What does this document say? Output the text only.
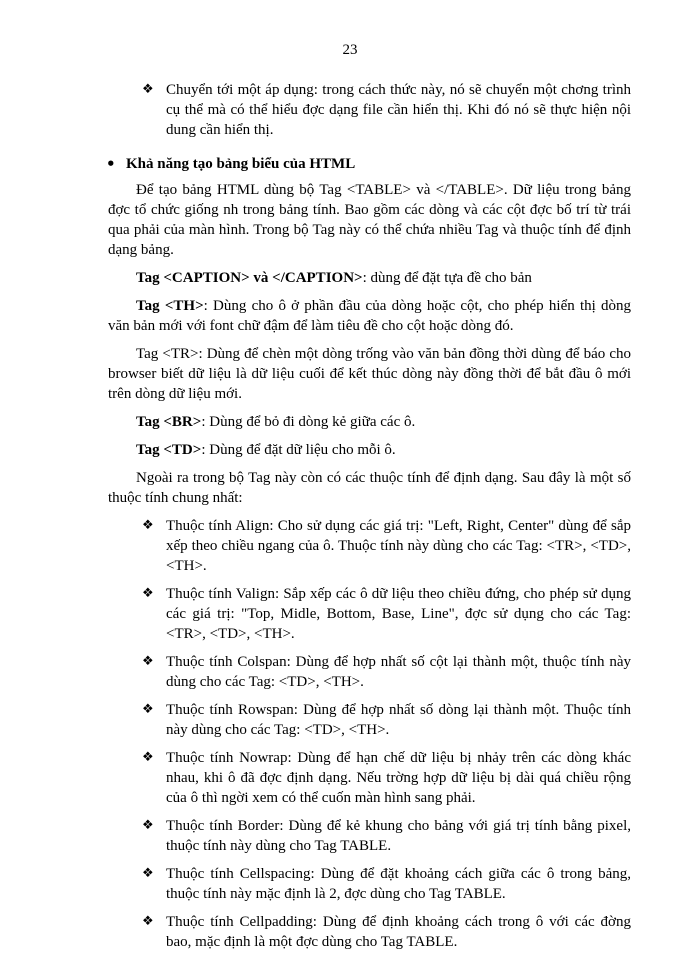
23
❖ Chuyển tới một áp dụng: trong cách thức này, nó sẽ chuyển một chơng trình cụ thể mà có thể hiểu đợc dạng file cần hiển thị. Khi đó nó sẽ thực hiện nội dung cần hiển thị.
• Khả năng tạo bảng biểu của HTML

Để tạo bảng HTML dùng bộ Tag <TABLE> và </TABLE>. Dữ liệu trong bảng đợc tổ chức giống nh trong bảng tính. Bao gồm các dòng và các cột đợc bố trí từ trái qua phải của màn hình. Trong bộ Tag này có thể chứa nhiều Tag và thuộc tính để định dạng bảng.

Tag <CAPTION> và </CAPTION>: dùng để đặt tựa đề cho bản

Tag <TH>: Dùng cho ô ở phần đầu của dòng hoặc cột, cho phép hiển thị dòng văn bản mới với font chữ đậm để làm tiêu đề cho cột hoặc dòng đó.

Tag <TR>: Dùng để chèn một dòng trống vào văn bản đồng thời dùng để báo cho browser biết dữ liệu là dữ liệu cuối để kết thúc dòng này đồng thời để bắt đầu ô mới trên dòng dữ liệu mới.

Tag <BR>: Dùng để bỏ đi dòng kẻ giữa các ô.

Tag <TD>: Dùng để đặt dữ liệu cho mỗi ô.

Ngoài ra trong bộ Tag này còn có các thuộc tính để định dạng. Sau đây là một số thuộc tính chung nhất:

❖ Thuộc tính Align: Cho sử dụng các giá trị: "Left, Right, Center" dùng để sắp xếp theo chiều ngang của ô. Thuộc tính này dùng cho các Tag: <TR>, <TD>, <TH>.
❖ Thuộc tính Valign: Sắp xếp các ô dữ liệu theo chiều đứng, cho phép sử dụng các giá trị: "Top, Midle, Bottom, Base, Line", đợc sử dụng cho các Tag: <TR>, <TD>, <TH>.
❖ Thuộc tính Colspan: Dùng để hợp nhất số cột lại thành một, thuộc tính này dùng cho các Tag: <TD>, <TH>.
❖ Thuộc tính Rowspan: Dùng để hợp nhất số dòng lại thành một. Thuộc tính này dùng cho các Tag: <TD>, <TH>.
❖ Thuộc tính Nowrap: Dùng để hạn chế dữ liệu bị nhảy trên các dòng khác nhau, khi ô đã đợc định dạng. Nếu trờng hợp dữ liệu bị dài quá chiều rộng của ô thì ngời xem có thể cuốn màn hình sang phải.
❖ Thuộc tính Border: Dùng để kẻ khung cho bảng với giá trị tính bằng pixel, thuộc tính này dùng cho Tag TABLE.
❖ Thuộc tính Cellspacing: Dùng để đặt khoảng cách giữa các ô trong bảng, thuộc tính này mặc định là 2, đợc dùng cho Tag TABLE.
❖ Thuộc tính Cellpadding: Dùng để định khoảng cách trong ô với các đờng bao, mặc định là một đợc dùng cho Tag TABLE.
